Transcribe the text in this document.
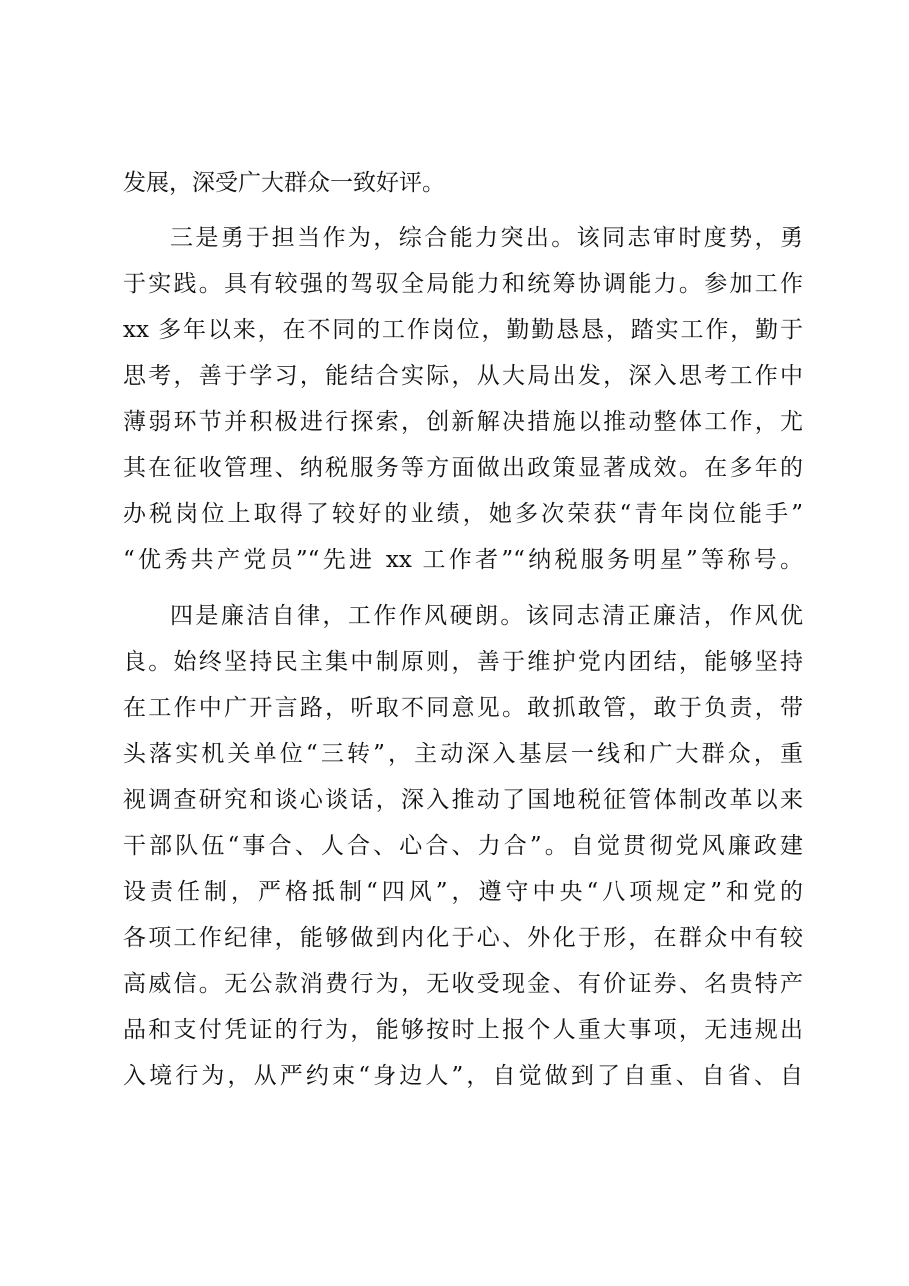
发展，深受广大群众一致好评。
三是勇于担当作为，综合能力突出。该同志审时度势，勇
于实践。具有较强的驾驭全局能力和统筹协调能力。参加工作
xx 多年以来，在不同的工作岗位，勤勤恳恳，踏实工作，勤于
思考，善于学习，能结合实际，从大局出发，深入思考工作中
薄弱环节并积极进行探索，创新解决措施以推动整体工作，尤
其在征收管理、纳税服务等方面做出政策显著成效。在多年的
办税岗位上取得了较好的业绩，她多次荣获“青年岗位能手”
“优秀共产党员”“先进 xx 工作者”“纳税服务明星”等称号。
四是廉洁自律，工作作风硬朗。该同志清正廉洁，作风优
良。始终坚持民主集中制原则，善于维护党内团结，能够坚持
在工作中广开言路，听取不同意见。敢抓敢管，敢于负责，带
头落实机关单位“三转”，主动深入基层一线和广大群众，重
视调查研究和谈心谈话，深入推动了国地税征管体制改革以来
干部队伍“事合、人合、心合、力合”。自觉贯彻党风廉政建
设责任制，严格抵制“四风”，遵守中央“八项规定”和党的
各项工作纪律，能够做到内化于心、外化于形，在群众中有较
高威信。无公款消费行为，无收受现金、有价证券、名贵特产
品和支付凭证的行为，能够按时上报个人重大事项，无违规出
入境行为，从严约束“身边人”，自觉做到了自重、自省、自
